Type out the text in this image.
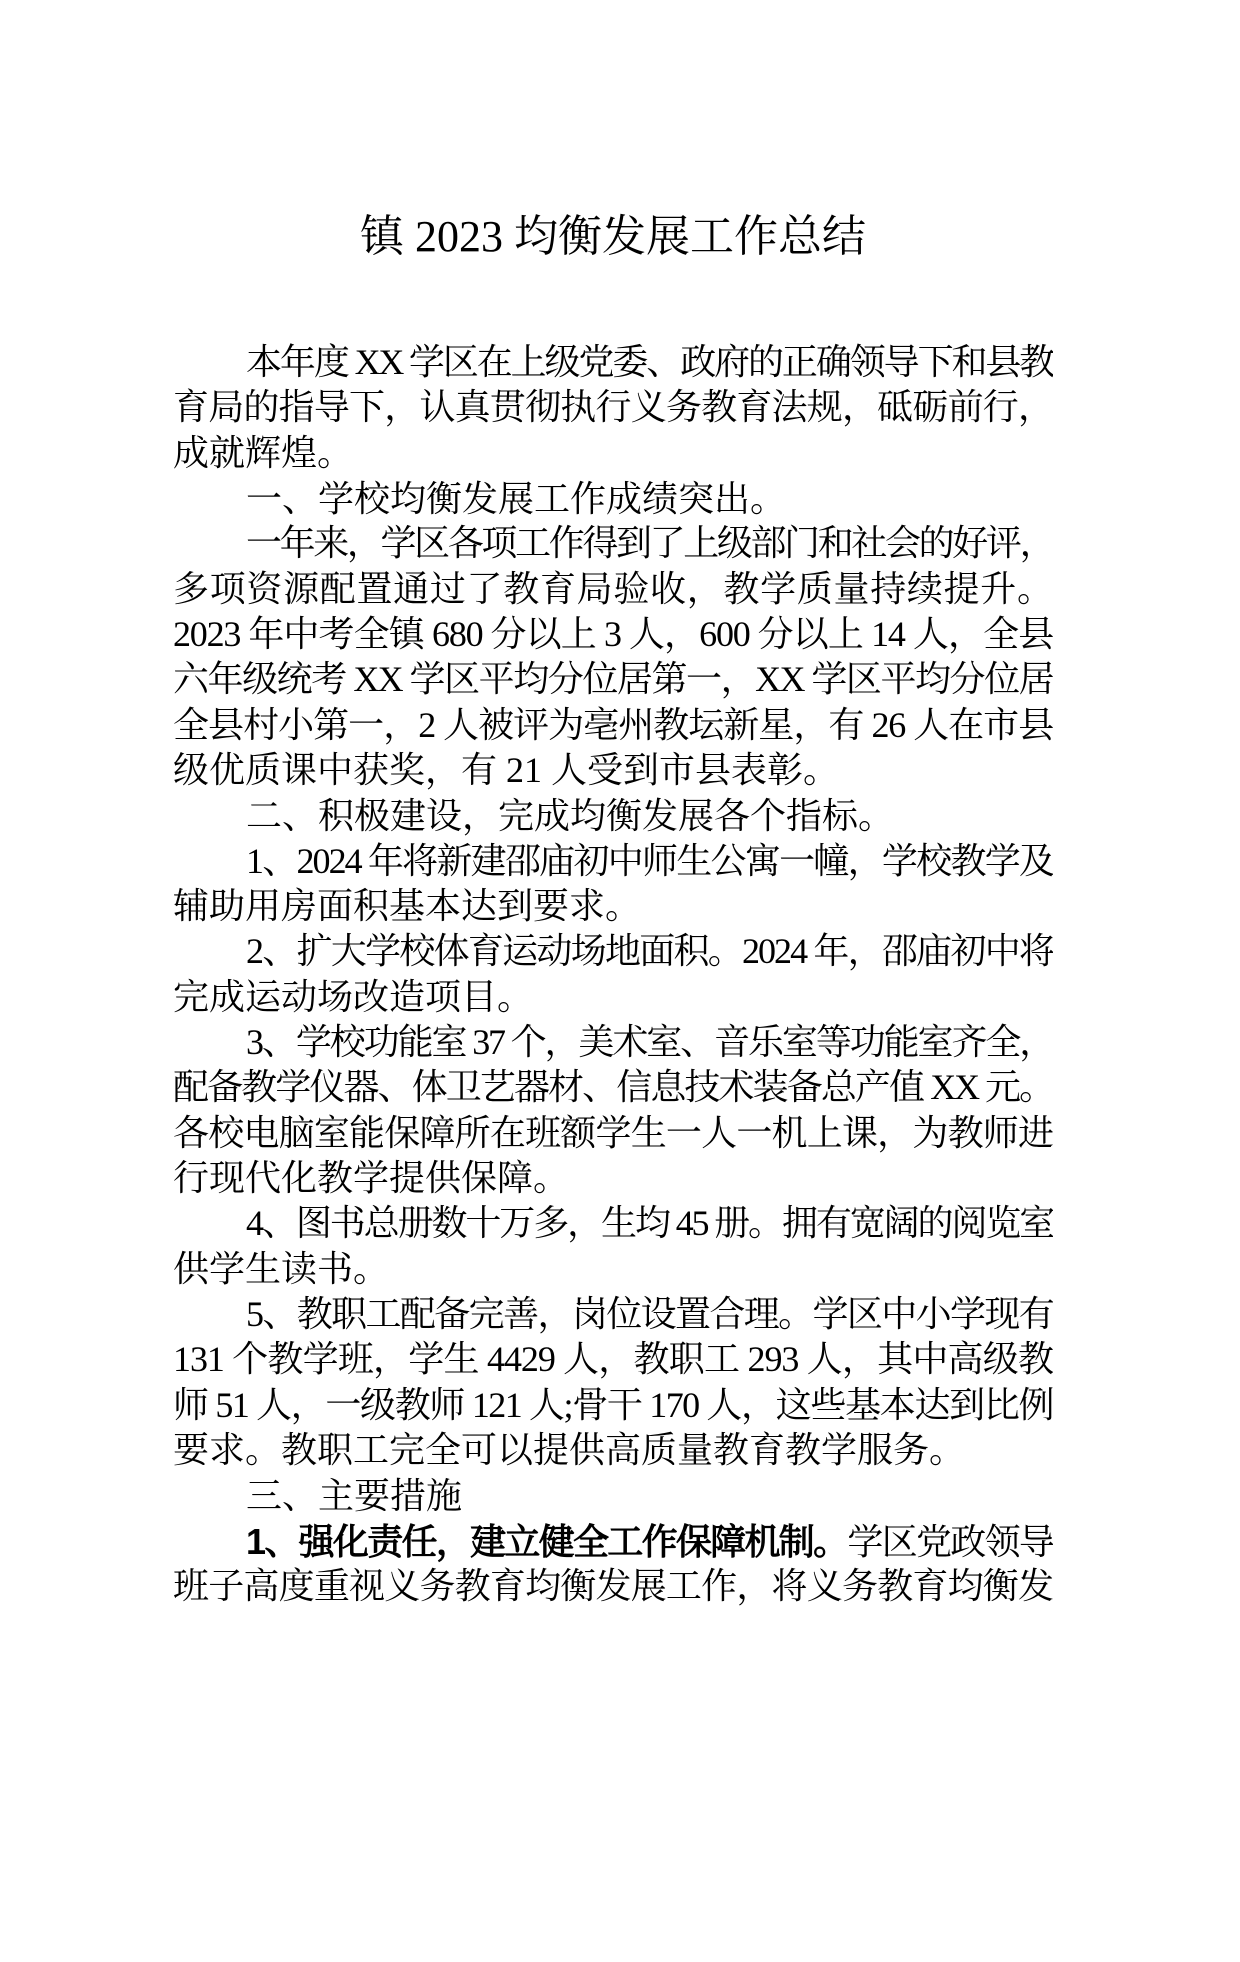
镇 2023 均衡发展工作总结
本年度 XX 学区在上级党委、政府的正确领导下和县教
育局的指导下，认真贯彻执行义务教育法规，砥砺前行，
成就辉煌。
一、学校均衡发展工作成绩突出。
一年来，学区各项工作得到了上级部门和社会的好评，
多项资源配置通过了教育局验收，教学质量持续提升。
2023 年中考全镇 680 分以上 3 人，600 分以上 14 人，全县
六年级统考 XX 学区平均分位居第一，XX 学区平均分位居
全县村小第一，2 人被评为亳州教坛新星，有 26 人在市县
级优质课中获奖，有 21 人受到市县表彰。
二、积极建设，完成均衡发展各个指标。
1、2024 年将新建邵庙初中师生公寓一幢，学校教学及
辅助用房面积基本达到要求。
2、扩大学校体育运动场地面积。2024 年，邵庙初中将
完成运动场改造项目。
3、学校功能室 37 个，美术室、音乐室等功能室齐全，
配备教学仪器、体卫艺器材、信息技术装备总产值 XX 元。
各校电脑室能保障所在班额学生一人一机上课，为教师进
行现代化教学提供保障。
4、图书总册数十万多，生均 45 册。拥有宽阔的阅览室
供学生读书。
5、教职工配备完善，岗位设置合理。学区中小学现有
131 个教学班，学生 4429 人，教职工 293 人，其中高级教
师 51 人，一级教师 121 人;骨干 170 人，这些基本达到比例
要求。教职工完全可以提供高质量教育教学服务。
三、主要措施
1、强化责任，建立健全工作保障机制。学区党政领导
班子高度重视义务教育均衡发展工作，将义务教育均衡发
